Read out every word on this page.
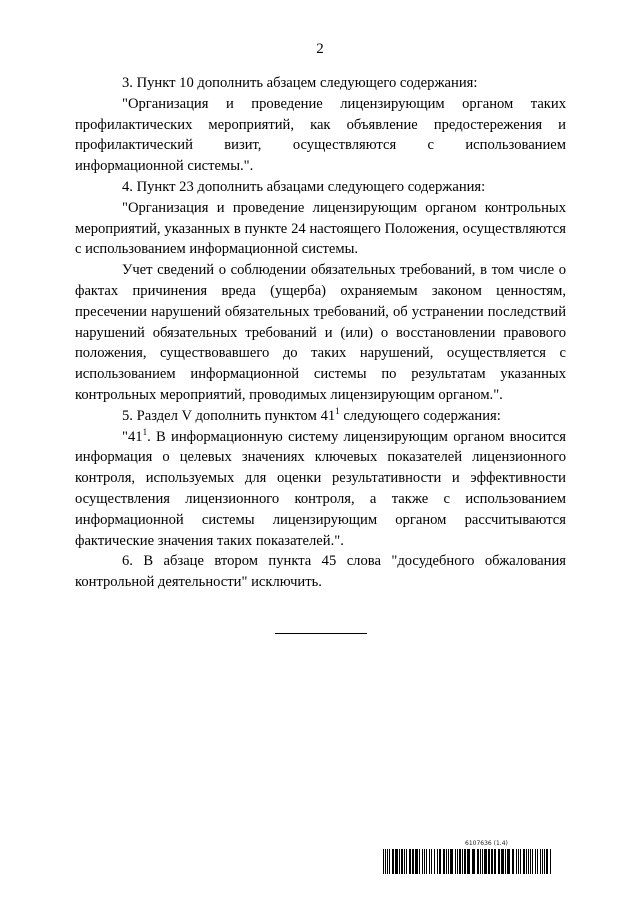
2

3. Пункт 10 дополнить абзацем следующего содержания:

"Организация и проведение лицензирующим органом таких профилактических мероприятий, как объявление предостережения и профилактический визит, осуществляются с использованием информационной системы.".

4. Пункт 23 дополнить абзацами следующего содержания:

"Организация и проведение лицензирующим органом контрольных мероприятий, указанных в пункте 24 настоящего Положения, осуществляются с использованием информационной системы.

Учет сведений о соблюдении обязательных требований, в том числе о фактах причинения вреда (ущерба) охраняемым законом ценностям, пресечении нарушений обязательных требований, об устранении последствий нарушений обязательных требований и (или) о восстановлении правового положения, существовавшего до таких нарушений, осуществляется с использованием информационной системы по результатам указанных контрольных мероприятий, проводимых лицензирующим органом.".

5. Раздел V дополнить пунктом $41^1$ следующего содержания:

"$41^1$. В информационную систему лицензирующим органом вносится информация о целевых значениях ключевых показателей лицензионного контроля, используемых для оценки результативности и эффективности осуществления лицензионного контроля, а также с использованием информационной системы лицензирующим органом рассчитываются фактические значения таких показателей.".

6. В абзаце втором пункта 45 слова "досудебного обжалования контрольной деятельности" исключить.

6107636 (1.4)
